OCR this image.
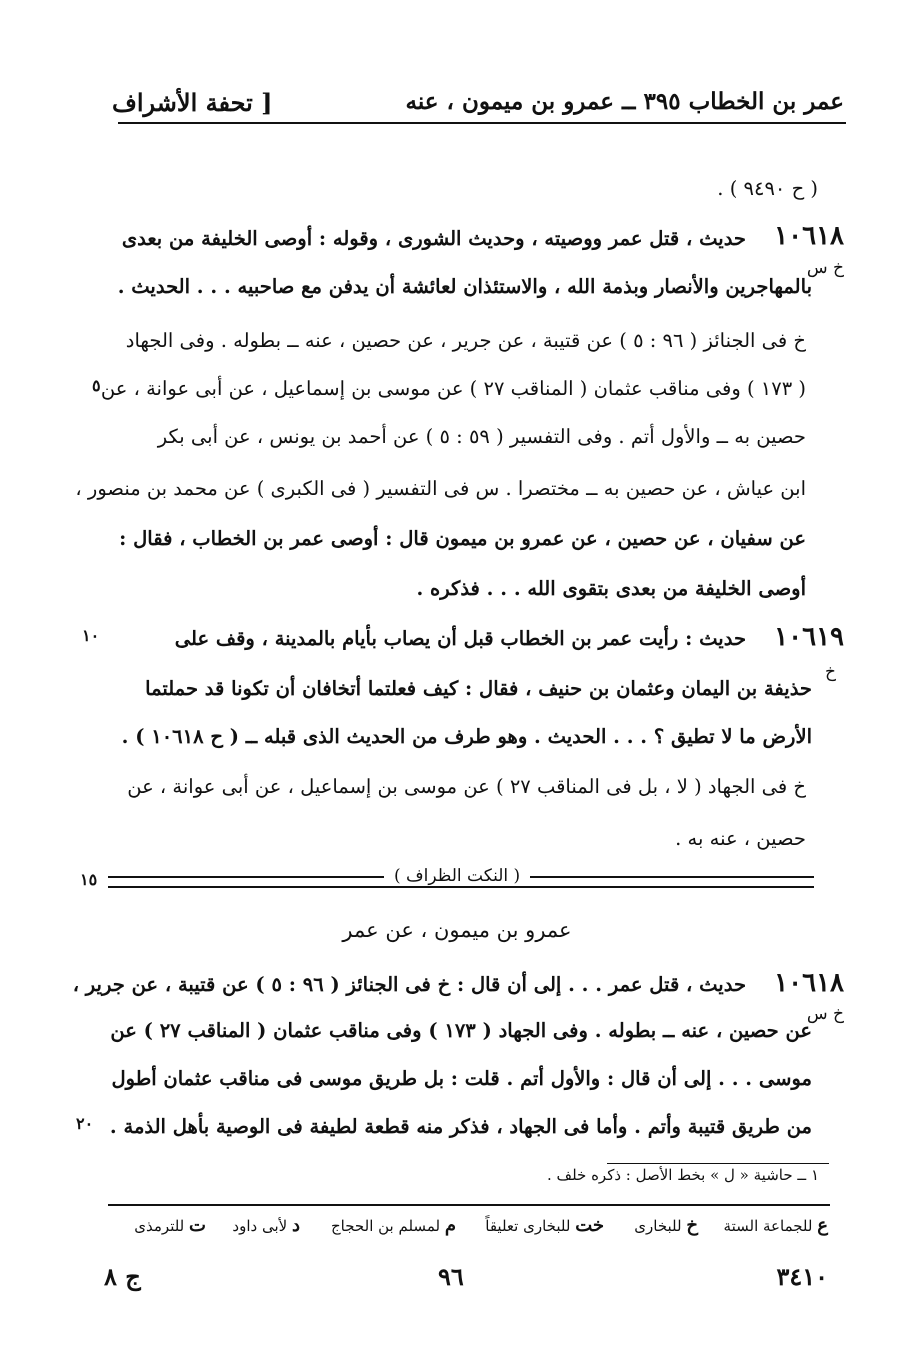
عمر بن الخطاب ٣٩٥ ــ عمرو بن ميمون ، عنه
[ تحفة الأشراف
( ح ٩٤٩٠ ) .
١٠٦١٨
خ س
حديث ، قتل عمر ووصيته ، وحديث الشورى ، وقوله : أوصى الخليفة من بعدى
بالمهاجرين والأنصار وبذمة الله ، والاستئذان لعائشة أن يدفن مع صاحبيه . . . الحديث .
خ فى الجنائز ( ٩٦ : ٥ ) عن قتيبة ، عن جرير ، عن حصين ، عنه ــ بطوله . وفى الجهاد
( ١٧٣ ) وفى مناقب عثمان ( المناقب ٢٧ ) عن موسى بن إسماعيل ، عن أبى عوانة ، عن
حصين به ــ والأول أتم . وفى التفسير ( ٥٩ : ٥ ) عن أحمد بن يونس ، عن أبى بكر
ابن عياش ، عن حصين به ــ مختصرا . س فى التفسير ( فى الكبرى ) عن محمد بن منصور ،
عن سفيان ، عن حصين ، عن عمرو بن ميمون قال : أوصى عمر بن الخطاب ، فقال :
أوصى الخليفة من بعدى بتقوى الله . . . فذكره .
٥
١٠٦١٩
خ
حديث : رأيت عمر بن الخطاب قبل أن يصاب بأيام بالمدينة ، وقف على
حذيفة بن اليمان وعثمان بن حنيف ، فقال : كيف فعلتما أتخافان أن تكونا قد حملتما
الأرض ما لا تطيق ؟ . . . الحديث . وهو طرف من الحديث الذى قبله ــ ( ح ١٠٦١٨ ) .
خ فى الجهاد ( لا ، بل فى المناقب ٢٧ ) عن موسى بن إسماعيل ، عن أبى عوانة ، عن
حصين ، عنه به .
١٠
( النكت الظراف )
١٥
عمرو بن ميمون ، عن عمر
١٠٦١٨
خ س
حديث ، قتل عمر . . . إلى أن قال : خ فى الجنائز ( ٩٦ : ٥ ) عن قتيبة ، عن جرير ،
عن حصين ، عنه ــ بطوله . وفى الجهاد ( ١٧٣ ) وفى مناقب عثمان ( المناقب ٢٧ ) عن
موسى . . . إلى أن قال : والأول أتم . قلت : بل طريق موسى فى مناقب عثمان أطول
من طريق قتيبة وأتم . وأما فى الجهاد ، فذكر منه قطعة لطيفة فى الوصية بأهل الذمة .
٢٠
١ ــ حاشية « ل » بخط الأصل : ذكره خلف .
ع للجماعة الستة
خ للبخارى
خت للبخارى تعليقاً
م لمسلم بن الحجاج
د لأبى داود
ت للترمذى
ج ٨	٩٦	٣٤١٠
